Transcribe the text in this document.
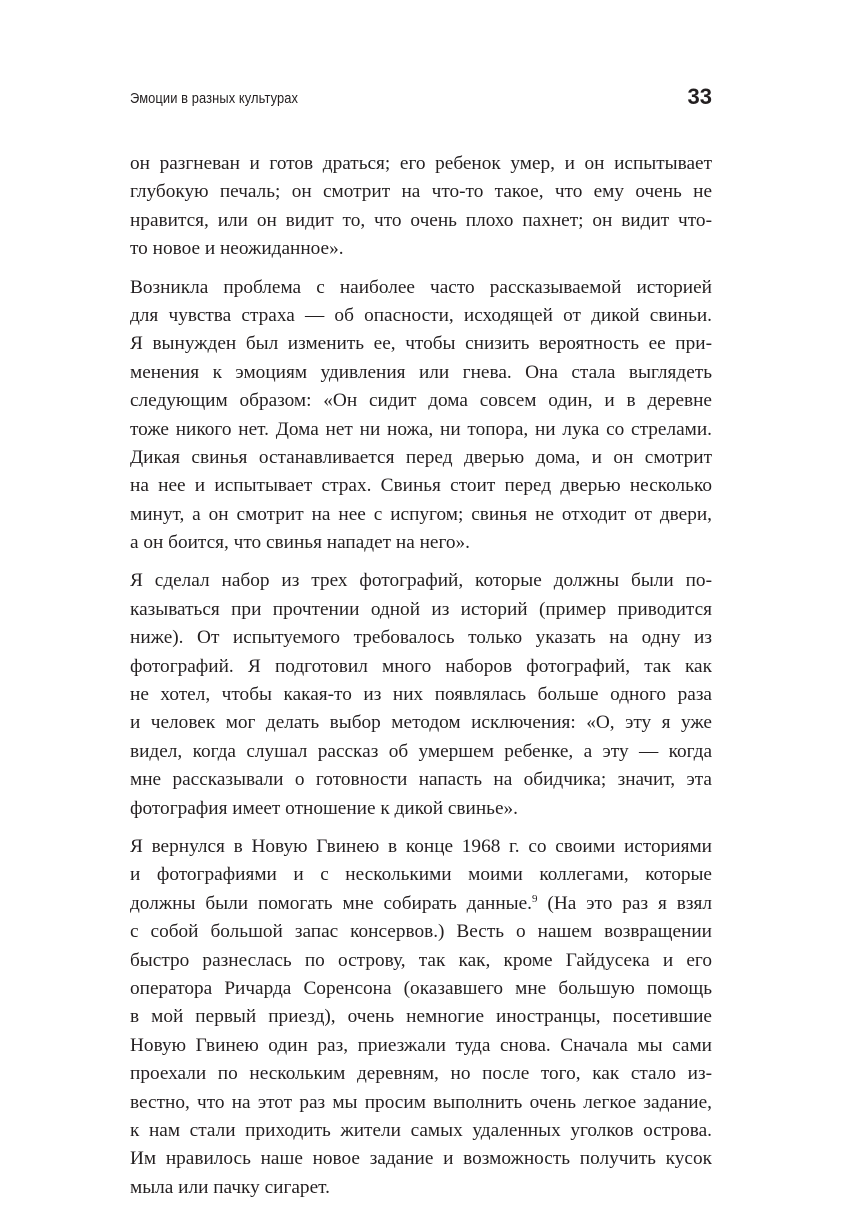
Эмоции в разных культурах	33
он разгневан и готов драться; его ребенок умер, и он испытывает
глубокую печаль; он смотрит на что-то такое, что ему очень не
нравится, или он видит то, что очень плохо пахнет; он видит что-
то новое и неожиданное».
Возникла проблема с наиболее часто рассказываемой историей
для чувства страха — об опасности, исходящей от дикой свиньи.
Я вынужден был изменить ее, чтобы снизить вероятность ее при-
менения к эмоциям удивления или гнева. Она стала выглядеть
следующим образом: «Он сидит дома совсем один, и в деревне
тоже никого нет. Дома нет ни ножа, ни топора, ни лука со стрелами.
Дикая свинья останавливается перед дверью дома, и он смотрит
на нее и испытывает страх. Свинья стоит перед дверью несколько
минут, а он смотрит на нее с испугом; свинья не отходит от двери,
а он боится, что свинья нападет на него».
Я сделал набор из трех фотографий, которые должны были по-
казываться при прочтении одной из историй (пример приводится
ниже). От испытуемого требовалось только указать на одну из
фотографий. Я подготовил много наборов фотографий, так как
не хотел, чтобы какая-то из них появлялась больше одного раза
и человек мог делать выбор методом исключения: «О, эту я уже
видел, когда слушал рассказ об умершем ребенке, а эту — когда
мне рассказывали о готовности напасть на обидчика; значит, эта
фотография имеет отношение к дикой свинье».
Я вернулся в Новую Гвинею в конце 1968 г. со своими историями
и фотографиями и с несколькими моими коллегами, которые
должны были помогать мне собирать данные.$^9$ (На это раз я взял
с собой большой запас консервов.) Весть о нашем возвращении
быстро разнеслась по острову, так как, кроме Гайдусека и его
оператора Ричарда Соренсона (оказавшего мне большую помощь
в мой первый приезд), очень немногие иностранцы, посетившие
Новую Гвинею один раз, приезжали туда снова. Сначала мы сами
проехали по нескольким деревням, но после того, как стало из-
вестно, что на этот раз мы просим выполнить очень легкое задание,
к нам стали приходить жители самых удаленных уголков острова.
Им нравилось наше новое задание и возможность получить кусок
мыла или пачку сигарет.
